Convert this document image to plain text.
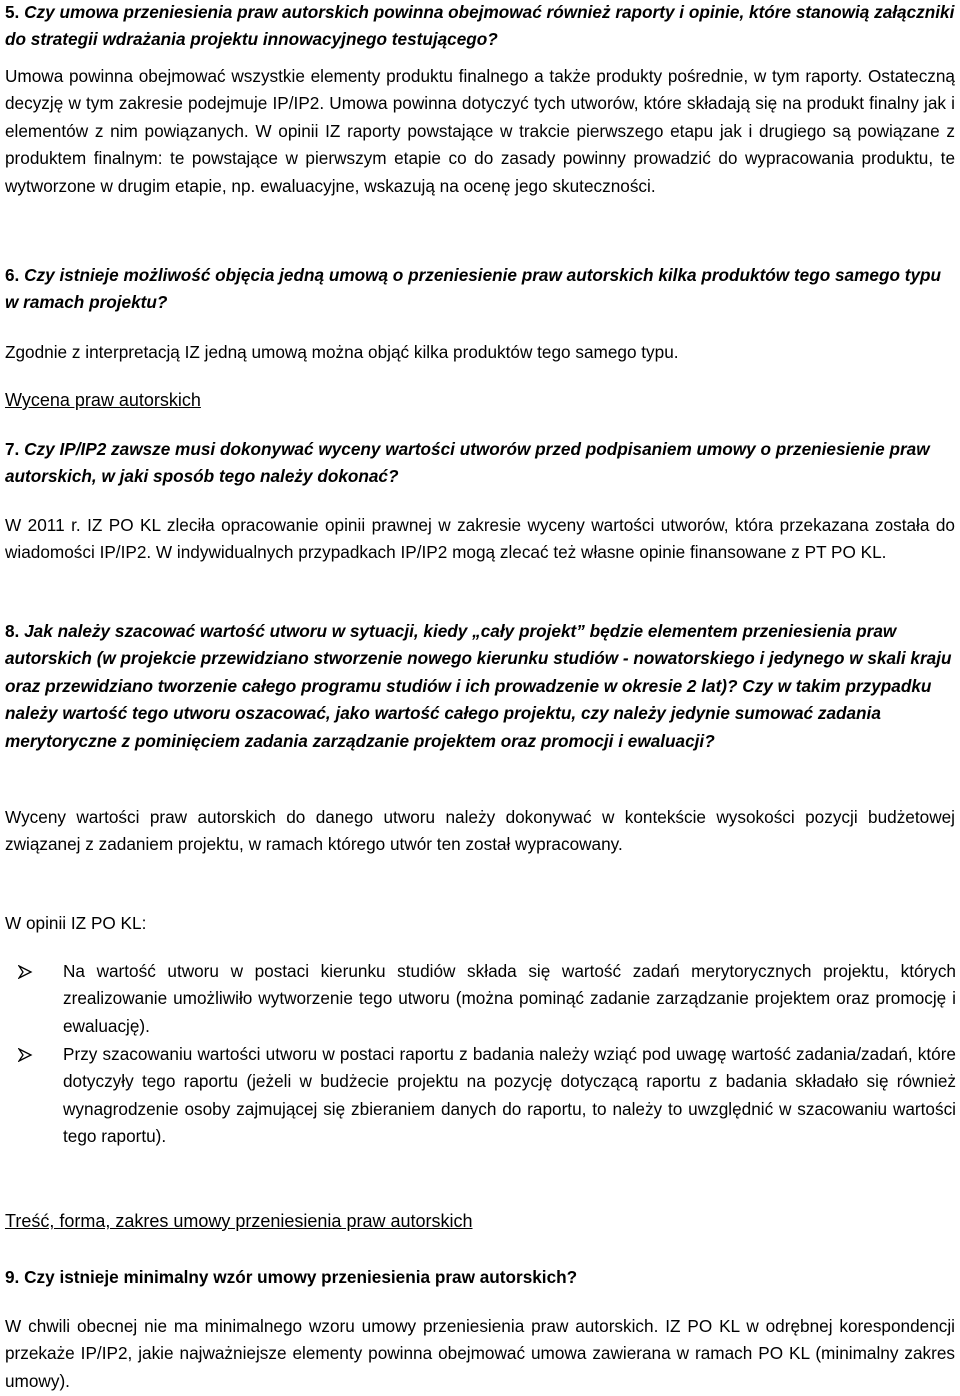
5. Czy umowa przeniesienia praw autorskich powinna obejmować również raporty i opinie, które stanowią załączniki do strategii wdrażania projektu innowacyjnego testującego?

Umowa powinna obejmować wszystkie elementy produktu finalnego a także produkty pośrednie, w tym raporty. Ostateczną decyzję w tym zakresie podejmuje IP/IP2. Umowa powinna dotyczyć tych utworów, które składają się na produkt finalny jak i elementów z nim powiązanych. W opinii IZ raporty powstające w trakcie pierwszego etapu jak i drugiego są powiązane z produktem finalnym: te powstające w pierwszym etapie co do zasady powinny prowadzić do wypracowania produktu, te wytworzone w drugim etapie, np. ewaluacyjne, wskazują na ocenę jego skuteczności.

6. Czy istnieje możliwość objęcia jedną umową o przeniesienie praw autorskich kilka produktów tego samego typu w ramach projektu?

Zgodnie z interpretacją IZ jedną umową można objąć kilka produktów tego samego typu.

Wycena praw autorskich

7. Czy IP/IP2 zawsze musi dokonywać wyceny wartości utworów przed podpisaniem umowy o przeniesienie praw autorskich, w jaki sposób tego należy dokonać?

W 2011 r. IZ PO KL zleciła opracowanie opinii prawnej w zakresie wyceny wartości utworów, która przekazana została do wiadomości IP/IP2. W indywidualnych przypadkach IP/IP2 mogą zlecać też własne opinie finansowane z PT PO KL.

8. Jak należy szacować wartość utworu w sytuacji, kiedy „cały projekt” będzie elementem przeniesienia praw autorskich (w projekcie przewidziano stworzenie nowego kierunku studiów - nowatorskiego i jedynego w skali kraju oraz przewidziano tworzenie całego programu studiów i ich prowadzenie w okresie 2 lat)? Czy w takim przypadku należy wartość tego utworu oszacować, jako wartość całego projektu, czy należy jedynie sumować zadania merytoryczne z pominięciem zadania zarządzanie projektem oraz promocji i ewaluacji?

Wyceny wartości praw autorskich do danego utworu należy dokonywać w kontekście wysokości pozycji budżetowej związanej z zadaniem projektu, w ramach którego utwór ten został wypracowany.

W opinii IZ PO KL:

Na wartość utworu w postaci kierunku studiów składa się wartość zadań merytorycznych projektu, których zrealizowanie umożliwiło wytworzenie tego utworu (można pominąć zadanie zarządzanie projektem oraz promocję i ewaluację).

Przy szacowaniu wartości utworu w postaci raportu z badania należy wziąć pod uwagę wartość zadania/zadań, które dotyczyły tego raportu (jeżeli w budżecie projektu na pozycję dotyczącą raportu z badania składało się również wynagrodzenie osoby zajmującej się zbieraniem danych do raportu, to należy to uwzględnić w szacowaniu wartości tego raportu).

Treść, forma, zakres umowy przeniesienia praw autorskich

9. Czy istnieje minimalny wzór umowy przeniesienia praw autorskich?

W chwili obecnej nie ma minimalnego wzoru umowy przeniesienia praw autorskich. IZ PO KL w odrębnej korespondencji przekaże IP/IP2, jakie najważniejsze elementy powinna obejmować umowa zawierana w ramach PO KL (minimalny zakres umowy).
